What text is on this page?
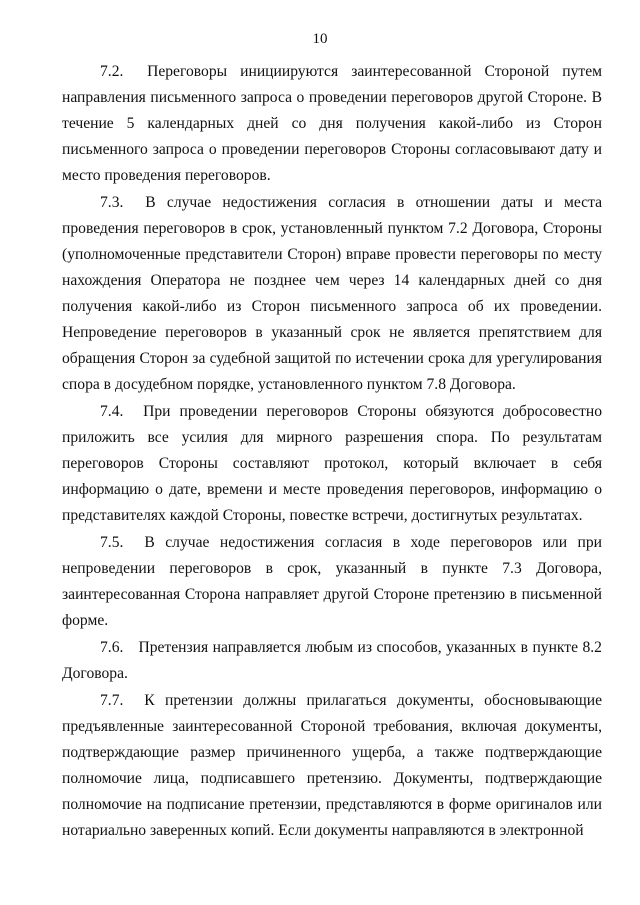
10

7.2. Переговоры инициируются заинтересованной Стороной путем направления письменного запроса о проведении переговоров другой Стороне. В течение 5 календарных дней со дня получения какой-либо из Сторон письменного запроса о проведении переговоров Стороны согласовывают дату и место проведения переговоров.

7.3. В случае недостижения согласия в отношении даты и места проведения переговоров в срок, установленный пунктом 7.2 Договора, Стороны (уполномоченные представители Сторон) вправе провести переговоры по месту нахождения Оператора не позднее чем через 14 календарных дней со дня получения какой-либо из Сторон письменного запроса об их проведении. Непроведение переговоров в указанный срок не является препятствием для обращения Сторон за судебной защитой по истечении срока для урегулирования спора в досудебном порядке, установленного пунктом 7.8 Договора.

7.4. При проведении переговоров Стороны обязуются добросовестно приложить все усилия для мирного разрешения спора. По результатам переговоров Стороны составляют протокол, который включает в себя информацию о дате, времени и месте проведения переговоров, информацию о представителях каждой Стороны, повестке встречи, достигнутых результатах.

7.5. В случае недостижения согласия в ходе переговоров или при непроведении переговоров в срок, указанный в пункте 7.3 Договора, заинтересованная Сторона направляет другой Стороне претензию в письменной форме.

7.6. Претензия направляется любым из способов, указанных в пункте 8.2 Договора.

7.7. К претензии должны прилагаться документы, обосновывающие предъявленные заинтересованной Стороной требования, включая документы, подтверждающие размер причиненного ущерба, а также подтверждающие полномочие лица, подписавшего претензию. Документы, подтверждающие полномочие на подписание претензии, представляются в форме оригиналов или нотариально заверенных копий. Если документы направляются в электронной
